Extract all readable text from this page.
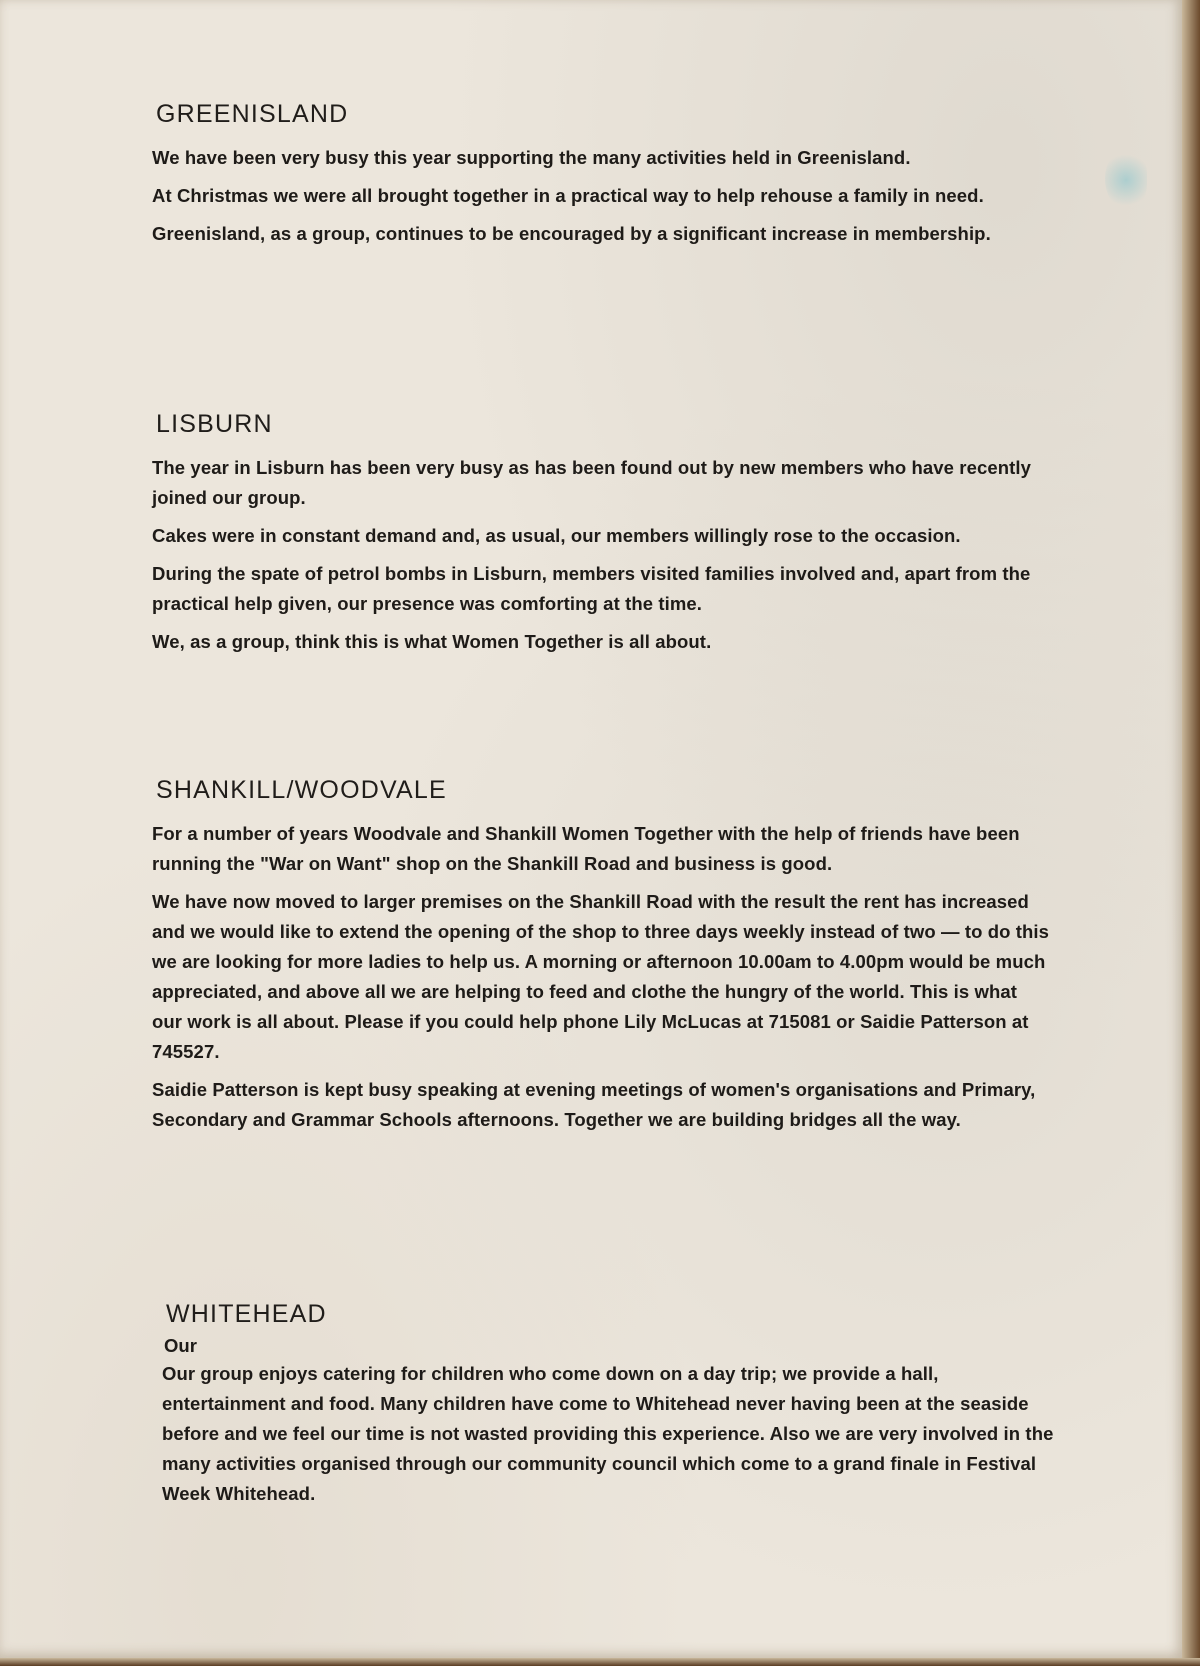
GREENISLAND

We have been very busy this year supporting the many activities held in Greenisland.

At Christmas we were all brought together in a practical way to help rehouse a family in need.

Greenisland, as a group, continues to be encouraged by a significant increase in membership.

LISBURN

The year in Lisburn has been very busy as has been found out by new members who have recently joined our group.

Cakes were in constant demand and, as usual, our members willingly rose to the occasion.

During the spate of petrol bombs in Lisburn, members visited families involved and, apart from the practical help given, our presence was comforting at the time.

We, as a group, think this is what Women Together is all about.

SHANKILL/WOODVALE

For a number of years Woodvale and Shankill Women Together with the help of friends have been running the "War on Want" shop on the Shankill Road and business is good.

We have now moved to larger premises on the Shankill Road with the result the rent has increased and we would like to extend the opening of the shop to three days weekly instead of two — to do this we are looking for more ladies to help us. A morning or afternoon 10.00am to 4.00pm would be much appreciated, and above all we are helping to feed and clothe the hungry of the world. This is what our work is all about. Please if you could help phone Lily McLucas at 715081 or Saidie Patterson at 745527.

Saidie Patterson is kept busy speaking at evening meetings of women's organisations and Primary, Secondary and Grammar Schools afternoons. Together we are building bridges all the way.

WHITEHEAD

Our

Our group enjoys catering for children who come down on a day trip; we provide a hall, entertainment and food. Many children have come to Whitehead never having been at the seaside before and we feel our time is not wasted providing this experience. Also we are very involved in the many activities organised through our community council which come to a grand finale in Festival Week Whitehead.
